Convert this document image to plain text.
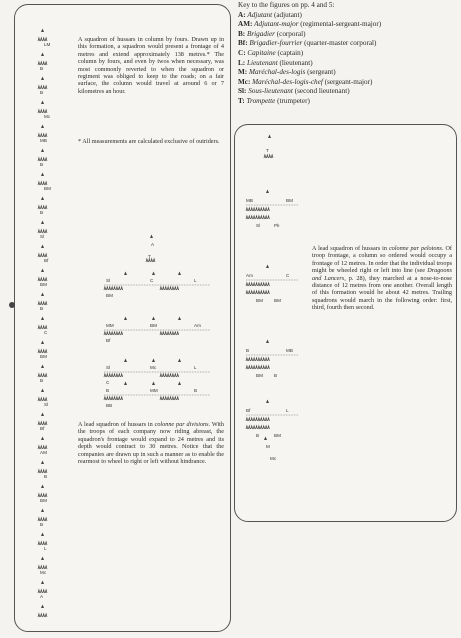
Key to the figures on pp. 4 and 5:
A: Adjutant (adjutant)
AM: Adjutant-major (regimental-sergeant-major)
B: Brigadier (corporal)
Bf: Brigadier-fourrier (quarter-master corporal)
C: Capitaine (captain)
L: Lieutenant (lieutenant)
M: Maréchal-des-logis (sergeant)
Mc: Maréchal-des-logis-chef (sergeant-major)
Sl: Sous-lieutenant (second lieutenant)
T: Trompette (trumpeter)

A squadron of hussars in column by fours. Drawn up in this formation, a squadron would present a frontage of 4 metres and extend approximately 138 metres.* The column by fours, and even by twos when necessary, was most commonly reverted to when the squadron or regiment was obliged to keep to the roads; on a fair surface, the column would travel at around 6 or 7 kilometres an hour.

* All measurements are calculated exclusive of outriders.

A lead squadron of hussars in colonne par divisions. With the troops of each company now riding abreast, the squadron's frontage would expand to 24 metres and its depth would contract to 30 metres. Notice that the companies are drawn up in such a manner as to enable the rearmost to wheel to right or left without hindrance.

A lead squadron of hussars in colonne par pelotons. Of troop frontage, a column so ordered would occupy a frontage of 12 metres. In order that the individual troops might be wheeled right or left into line (see Dragoons and Lancers, p. 28), they marched at a nose-to-nose distance of 12 metres from one another. Overall length of this formation would be about 42 metres. Trailing squadrons would march in the following order: first, third, fourth then second.

LM
B
B
Mc
MB
B
BM
B
Sl
Bf
BM
B
C
BM
B
Sl
Bf
AM
B
BM
B
L
Mc
A
A
T
Sl	C	L
BM
MM	BM	Am
Bf
Sl	Mc	L
C
B	MM	B
BB
T
MB	BM
Sl	Pk
Am	C
BM BM
B	MB
BM B
Bf	L
B	BM
M
Mc
